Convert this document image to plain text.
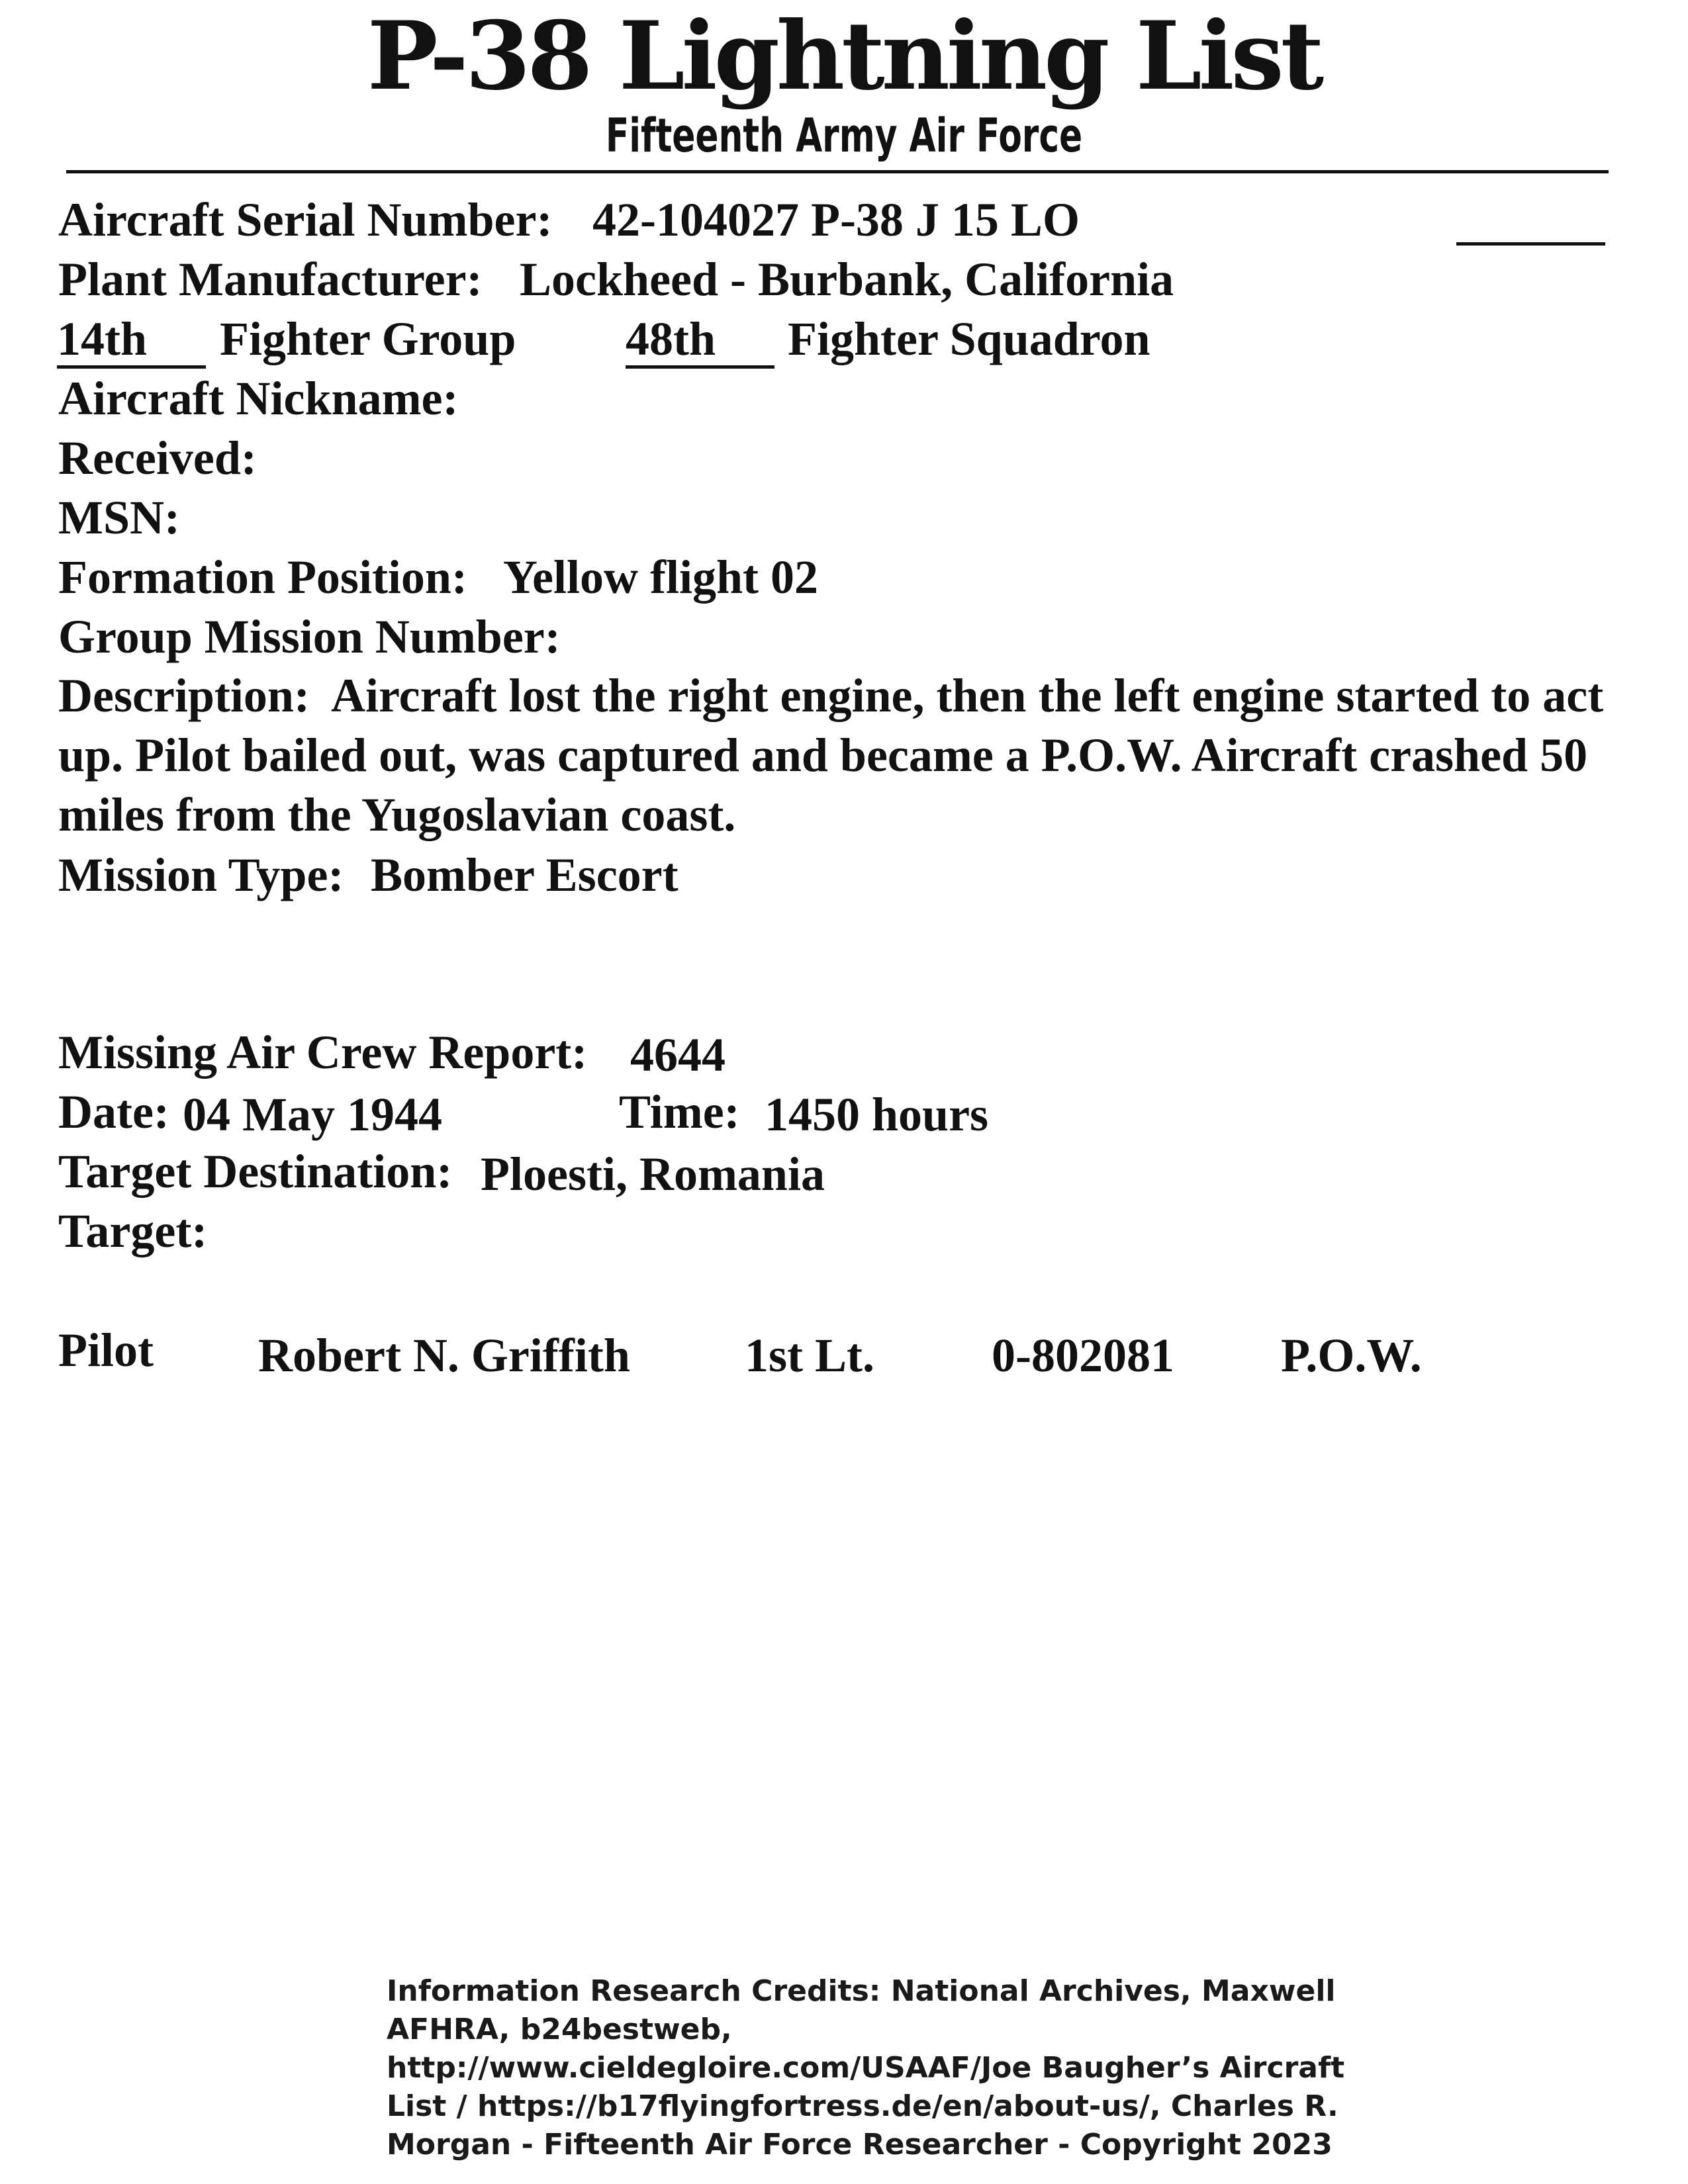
P-38 Lightning List
Fifteenth Army Air Force
Aircraft Serial Number: 42-104027 P-38 J 15 LO
Plant Manufacturer: Lockheed - Burbank, California
14th	Fighter Group 48th	Fighter Squadron
Aircraft Nickname:
Received:
MSN:
Formation Position: Yellow flight 02
Group Mission Number:
Description: Aircraft lost the right engine, then the left engine started to act up. Pilot bailed out, was captured and became a P.O.W. Aircraft crashed 50 miles from the Yugoslavian coast.
Mission Type: Bomber Escort
Missing Air Crew Report: 4644
Date: 04 May 1944	Time: 1450 hours
Target Destination: Ploesti, Romania
Target:
Pilot Robert N. Griffith 1st Lt. 0-802081 P.O.W.
Information Research Credits: National Archives, Maxwell AFHRA, b24bestweb, http://www.cieldegloire.com/USAAF/Joe Baugher’s Aircraft List / https://b17flyingfortress.de/en/about-us/, Charles R. Morgan - Fifteenth Air Force Researcher - Copyright 2023
